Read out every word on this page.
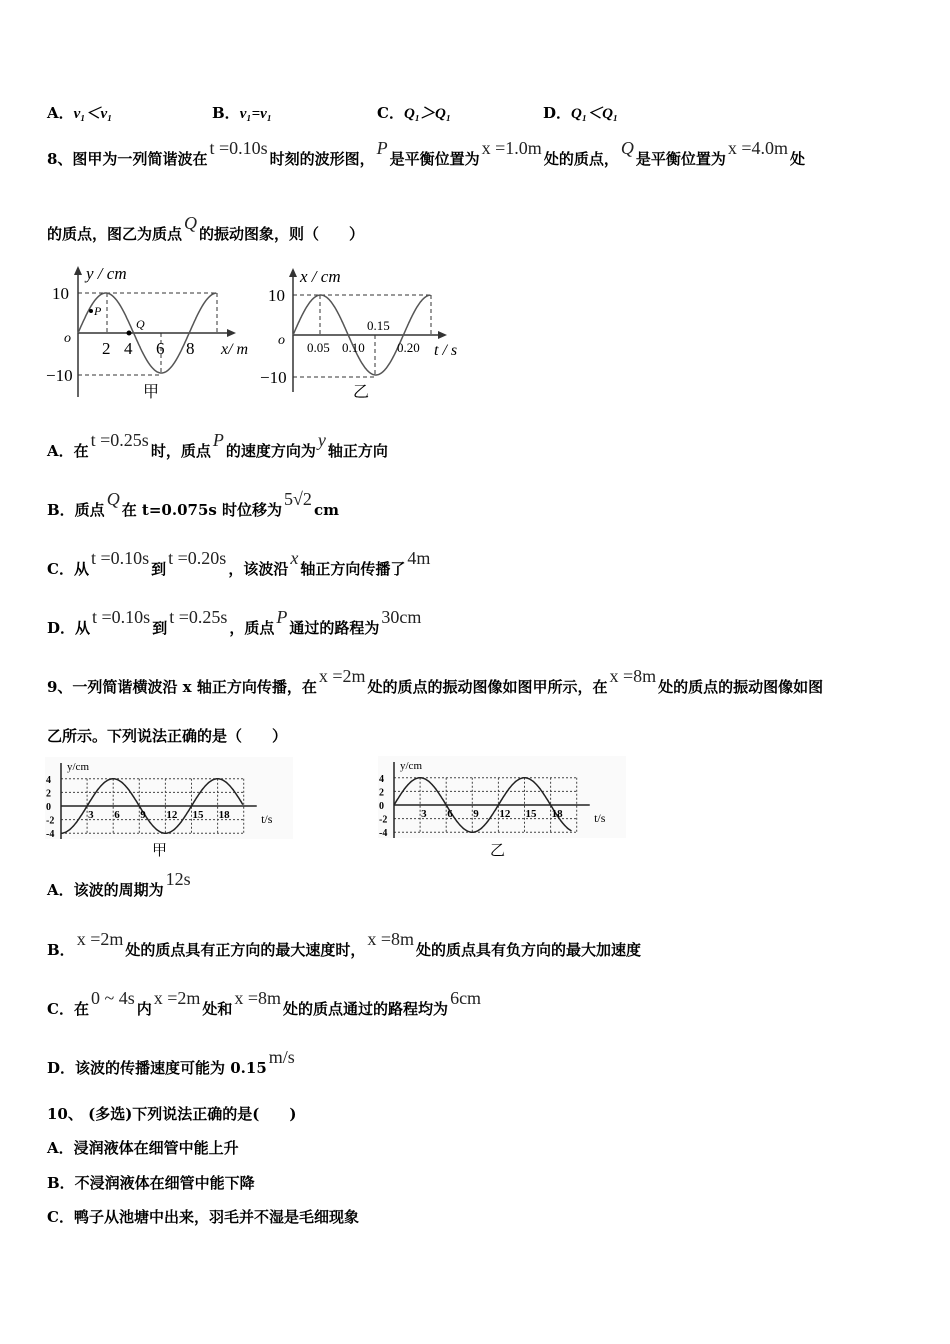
A．v₁＜v₁	B．v₁=v₁	C．Q₁＞Q₁	D．Q₁＜Q₁
8、图甲为一列简谐波在t =0.10s时刻的波形图，P是平衡位置为x =1.0m处的质点，Q是平衡位置为x =4.0m处
的质点，图乙为质点Q的振动图象，则（　　）
P
Q
y / cm
x/ m
10
−10
o
2 4 6 8
甲
x / cm
t / s
10
−10
o 0.05 0.10
0.15
0.20
乙
A．在t =0.25s时，质点P的速度方向为y轴正方向
B．质点Q在 t=0.075s 时位移为5√2cm
C．从t =0.10s到t =0.20s，该波沿x轴正方向传播了4m
D．从t =0.10s到t =0.25s，质点P通过的路程为30cm
9、一列简谐横波沿 x 轴正方向传播，在x =2m处的质点的振动图像如图甲所示，在x =8m处的质点的振动图像如图
乙所示。下列说法正确的是（　　）
y/cm
t/s
4
2
0
-2
-4
3 6 9 12 15 18
y/cm
t/s
4
2
0
-2
-4
3 6 9 12 15 18
甲	乙
A．该波的周期为12s
B．x =2m处的质点具有正方向的最大速度时，x =8m处的质点具有负方向的最大加速度
C．在0 ~ 4s内x =2m处和x =8m处的质点通过的路程均为6cm
D．该波的传播速度可能为 0.15m/s
10、 (多选)下列说法正确的是(　　)
A．浸润液体在细管中能上升
B．不浸润液体在细管中能下降
C．鸭子从池塘中出来，羽毛并不湿是毛细现象
